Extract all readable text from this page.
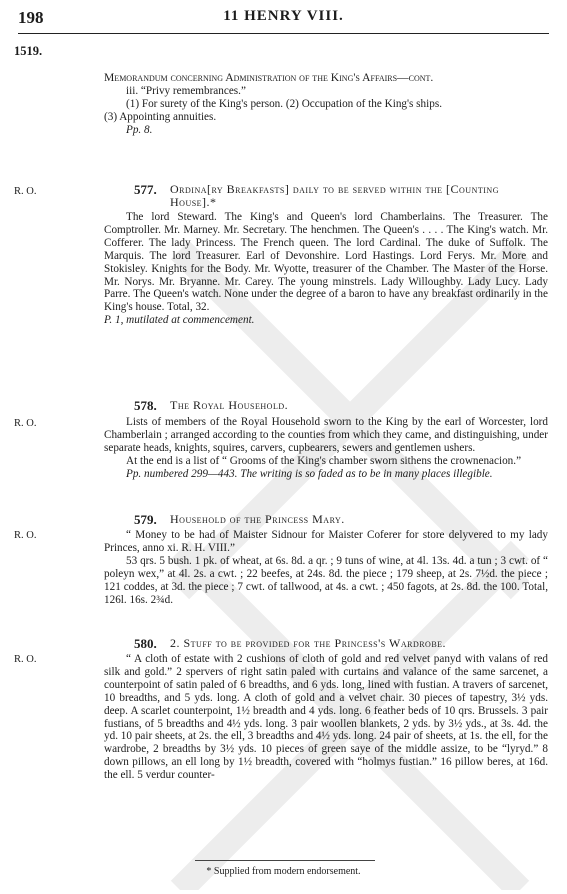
198	11 HENRY VIII.
1519.
Memorandum concerning Administration of the King's Affairs—cont.
iii. “Privy remembrances.”
(1) For surety of the King's person. (2) Occupation of the King's ships.
(3) Appointing annuities.
Pp. 8.
R. O.	577. Ordina[ry Breakfasts] daily to be served within the [Counting House].*

The lord Steward. The King's and Queen's lord Chamberlains. The Treasurer. The Comptroller. Mr. Marney. Mr. Secretary. The henchmen. The Queen's . . . . The King's watch. Mr. Cofferer. The lady Princess. The French queen. The lord Cardinal. The duke of Suffolk. The Marquis. The lord Treasurer. Earl of Devonshire. Lord Hastings. Lord Ferys. Mr. More and Stokisley. Knights for the Body. Mr. Wyotte, treasurer of the Chamber. The Master of the Horse. Mr. Norys. Mr. Bryanne. Mr. Carey. The young minstrels. Lady Willoughby. Lady Lucy. Lady Parre. The Queen's watch. None under the degree of a baron to have any breakfast ordinarily in the King's house. Total, 32.

P. 1, mutilated at commencement.

R. O.
578. The Royal Household.

Lists of members of the Royal Household sworn to the King by the earl of Worcester, lord Chamberlain ; arranged according to the counties from which they came, and distinguishing, under separate heads, knights, squires, carvers, cupbearers, sewers and gentlemen ushers.

At the end is a list of “ Grooms of the King's chamber sworn sithens the crownenacion.”

Pp. numbered 299—443. The writing is so faded as to be in many places illegible.

R. O.
579. Household of the Princess Mary.

“ Money to be had of Maister Sidnour for Maister Coferer for store delyvered to my lady Princes, anno xi. R. H. VIII.”

53 qrs. 5 bush. 1 pk. of wheat, at 6s. 8d. a qr. ; 9 tuns of wine, at 4l. 13s. 4d. a tun ; 3 cwt. of “ poleyn wex,” at 4l. 2s. a cwt. ; 22 beefes, at 24s. 8d. the piece ; 179 sheep, at 2s. 7½d. the piece ; 121 coddes, at 3d. the piece ; 7 cwt. of tallwood, at 4s. a cwt. ; 450 fagots, at 2s. 8d. the 100. Total, 126l. 16s. 2¾d.

R. O.
580. 2. Stuff to be provided for the Princess's Wardrobe.

“ A cloth of estate with 2 cushions of cloth of gold and red velvet panyd with valans of red silk and gold.” 2 spervers of right satin paled with curtains and valance of the same sarcenet, a counterpoint of satin paled of 6 breadths, and 6 yds. long, lined with fustian. A travers of sarcenet, 10 breadths, and 5 yds. long. A cloth of gold and a velvet chair. 30 pieces of tapestry, 3½ yds. deep. A scarlet counterpoint, 1½ breadth and 4 yds. long. 6 feather beds of 10 qrs. Brussels. 3 pair fustians, of 5 breadths and 4½ yds. long. 3 pair woollen blankets, 2 yds. by 3½ yds., at 3s. 4d. the yd. 10 pair sheets, at 2s. the ell, 3 breadths and 4½ yds. long. 24 pair of sheets, at 1s. the ell, for the wardrobe, 2 breadths by 3½ yds. 10 pieces of green saye of the middle assize, to be “lyryd.” 8 down pillows, an ell long by 1½ breadth, covered with “holmys fustian.” 16 pillow beres, at 16d. the ell. 5 verdur counter-

* Supplied from modern endorsement.
